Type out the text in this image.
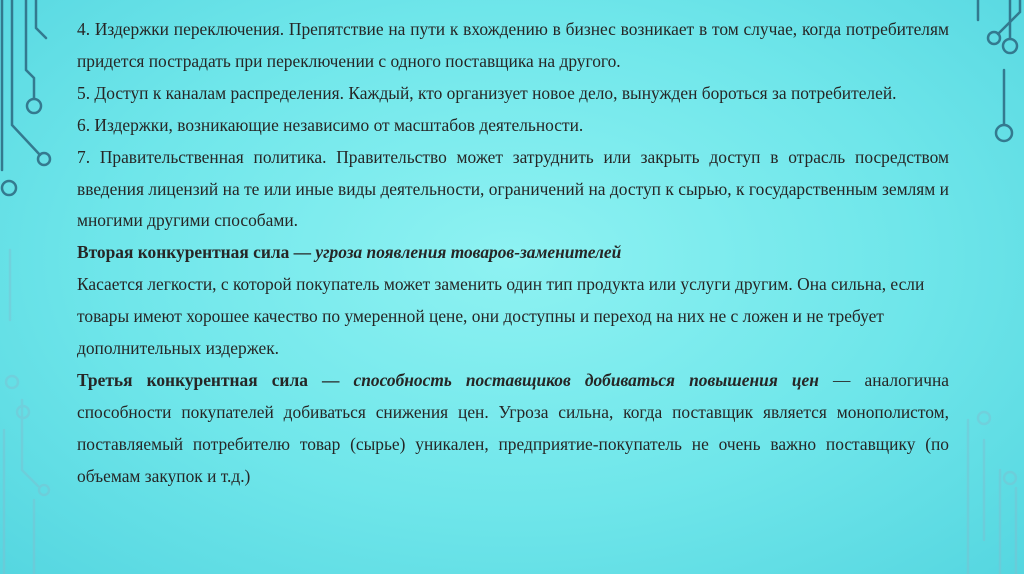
4. Издержки переключения. Препятствие на пути к вхождению в бизнес возникает в том случае, когда потребителям придется пострадать при переключении с одного поставщика на другого.

5. Доступ к каналам распределения. Каждый, кто организует новое дело, вынужден бороться за потребителей.

6. Издержки, возникающие независимо от масштабов деятельности.

7. Правительственная политика. Правительство может затруднить или закрыть доступ в отрасль посредством введения лицензий на те или иные виды деятельности, ограничений на доступ к сырью, к государственным землям и многими другими способами.

Вторая конкурентная сила — угроза появления товаров-заменителей

Касается легкости, с которой покупатель может заменить один тип продукта или услуги другим. Она сильна, если товары имеют хорошее качество по умеренной цене, они доступны и переход на них не с ложен и не требует дополнительных издержек.

Третья конкурентная сила — способность поставщиков добиваться повышения цен — аналогична способности покупателей добиваться снижения цен. Угроза сильна, когда поставщик является монополистом, поставляемый потребителю товар (сырье) уникален, предприятие-покупатель не очень важно поставщику (по объемам закупок и т.д.)
